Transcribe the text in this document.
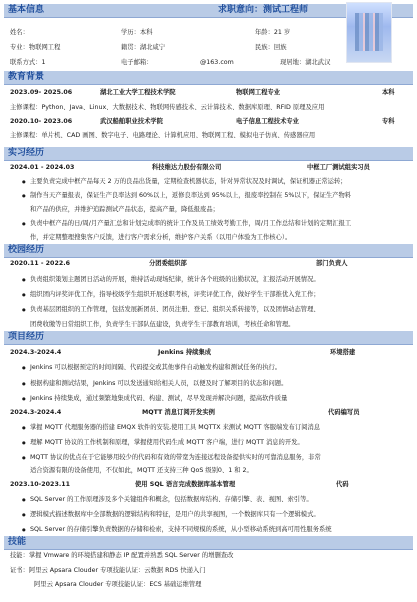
基本信息	求职意向：测试工程师
姓名：	学历：本科	年龄：21 岁
专业：物联网工程	籍贯：湖北咸宁	民族：回族
联系方式：1	电子邮箱：	@163.com	现居地：湖北武汉
教育背景
2023.09- 2025.06	湖北工业大学工程技术学院	物联网工程专业	本科
主修课程：Python、Java、Linux、大数据技术、物联网传感技术、云计算技术、数据库原理、RFID 原理及应用
2020.10- 2023.06	武汉船舶职业技术学院	电子信息工程技术专业	专科
主修课程：单片机、CAD 画图、数字电子、电路理论、计算机应用、物联网工程、模拟电子仿真、传感器应用
实习经历
2024.01 - 2024.03	科技维达力股份有限公司	中框工厂测试组实习员
● 主要负责完成中框产品每天 2 万的良品出货量，定期检查机器状态，针对异常状况及时调试，保证机器正常运转；
● 制作当天产量报表，保证生产良率达到 60%以上，返修良率达到 95%以上，报废率控制在 5%以下，保证生产物料
和产品的供应，并维护追踪测试产品状态，提高产量，降低报废品；
● 负责中框产品的日/周/月产量汇总和计划完成率的统计工作及员工绩效考勤工作，周/月工作总结和计划的定期汇报工
作，并定期整理搜集客户反馈，进行客户需求分析，维护客户关系（以用户体验为工作核心）。
校园经历
2020.11 - 2022.6	分团委组织部	部门负责人
● 负责组织策划主题团日活动的开展，维持活动现场纪律，统计各个班级的出勤状况，汇报活动开展情况。
● 组织团内评奖评优工作，指导校级学生组织开展述职考核，评奖评优工作，做好学生干部推优入党工作；
● 负责基层团组织的工作管理，包括发展新团员、团员注册、登记、组织关系转接等，以及团情动态管理、
团费收缴等日常组织工作，负责学生干部队伍建设，负责学生干部教育培训，考核任命和管理。
项目经历
2024.3-2024.4	Jenkins 持续集成	环境搭建
● Jenkins 可以根据预定的时间间隔、代码提交或其他事件自动触发构建和测试任务的执行。
● 根据构建和测试结果，Jenkins 可以发送通知给相关人员，以便及时了解项目的状态和问题。
● Jenkins 持续集成，通过频繁地集成代码、构建、测试，尽早发现并解决问题，提高软件质量
2024.3-2024.4	MQTT 消息订阅开发实例	代码编写员
● 掌握 MQTT 代理服务器的搭建 EMQX 软件的安装,使用工具 MQTTX 来测试 MQTT 客服端发布订阅消息
● 理解 MQTT 协议的工作机制和原理，掌握使用代码生成 MQTT 客户端，进行 MQTT 消息的开发。
● MQTT 协议的优点在于它能够用较少的代码和有效的带宽为连接远程设备提供实时的可靠消息服务，非常
适合资源有限的设备使用，不仅如此，MQTT 还支持三种 QoS 级别0、1 和 2。
2023.10-2023.11	使用 SQL 语言完成数据库基本管理	代码
● SQL Server 的工作原理涉及多个关键组件和概念，包括数据库结构、存储引擎、表、视图、索引等。
● 逻辑模式描述数据库中全部数据的逻辑结构和特征，是用户的共享视图，一个数据库只有一个逻辑模式。
● SQL Server 的存储引擎负责数据的存储和检索，支持不同规模的系统，从小型移动系统到高可用性服务系统
技能
技能：掌握 Vmware 的环境搭建和静态 IP 配置并熟悉 SQL Server 的增删查改
证书：阿里云 Apsara Clouder 专项技能认证：云数据 RDS 快递入门
阿里云 Apsara Clouder 专项技能认证：ECS 基础运维管理
